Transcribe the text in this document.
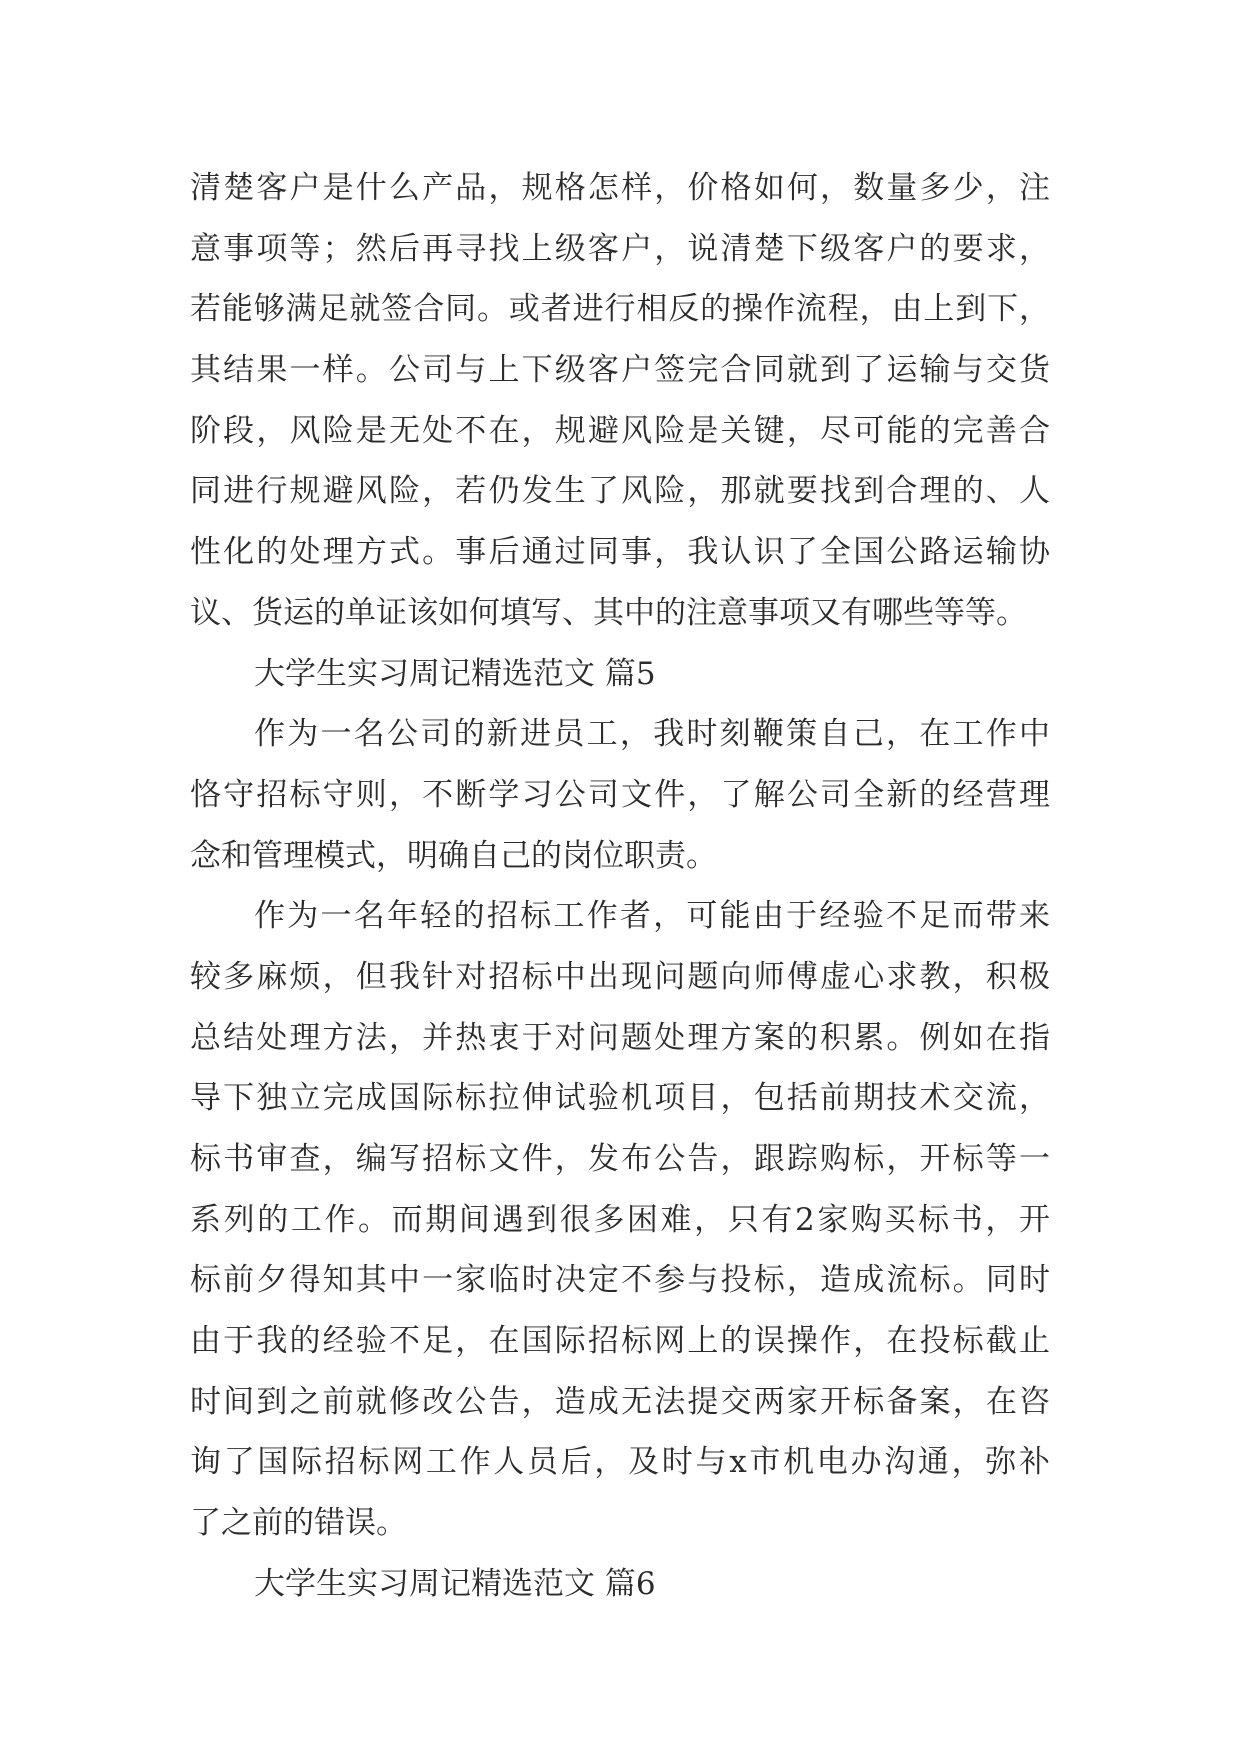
清楚客户是什么产品，规格怎样，价格如何，数量多少，注
意事项等；然后再寻找上级客户，说清楚下级客户的要求，
若能够满足就签合同。或者进行相反的操作流程，由上到下，
其结果一样。公司与上下级客户签完合同就到了运输与交货
阶段，风险是无处不在，规避风险是关键，尽可能的完善合
同进行规避风险，若仍发生了风险，那就要找到合理的、人
性化的处理方式。事后通过同事，我认识了全国公路运输协
议、货运的单证该如何填写、其中的注意事项又有哪些等等。
大学生实习周记精选范文 篇5
作为一名公司的新进员工，我时刻鞭策自己，在工作中
恪守招标守则，不断学习公司文件，了解公司全新的经营理
念和管理模式，明确自己的岗位职责。
作为一名年轻的招标工作者，可能由于经验不足而带来
较多麻烦，但我针对招标中出现问题向师傅虚心求教，积极
总结处理方法，并热衷于对问题处理方案的积累。例如在指
导下独立完成国际标拉伸试验机项目，包括前期技术交流，
标书审查，编写招标文件，发布公告，跟踪购标，开标等一
系列的工作。而期间遇到很多困难，只有2家购买标书，开
标前夕得知其中一家临时决定不参与投标，造成流标。同时
由于我的经验不足，在国际招标网上的误操作，在投标截止
时间到之前就修改公告，造成无法提交两家开标备案，在咨
询了国际招标网工作人员后，及时与x市机电办沟通，弥补
了之前的错误。
大学生实习周记精选范文 篇6
